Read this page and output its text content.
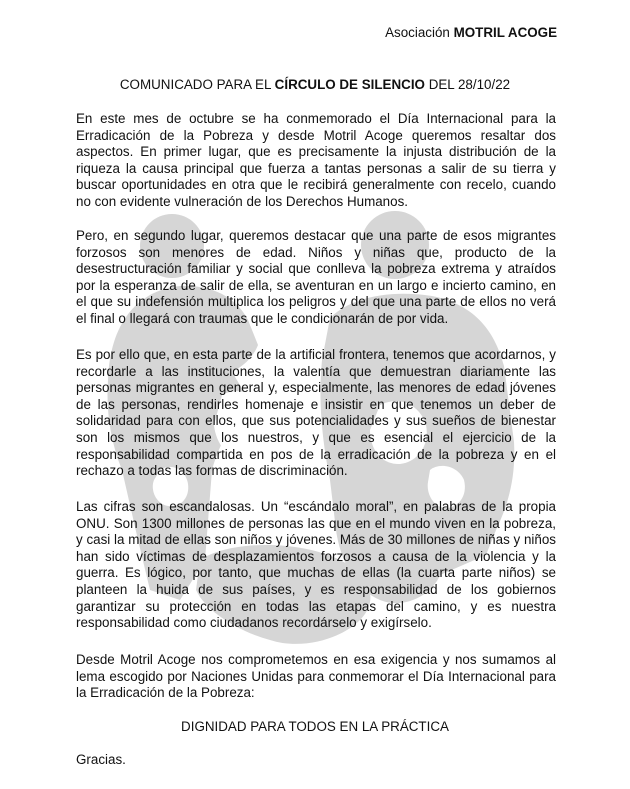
Asociación MOTRIL ACOGE
COMUNICADO PARA EL CÍRCULO DE SILENCIO DEL 28/10/22

En este mes de octubre se ha conmemorado el Día Internacional para la Erradicación de la Pobreza y desde Motril Acoge queremos resaltar dos aspectos. En primer lugar, que es precisamente la injusta distribución de la riqueza la causa principal que fuerza a tantas personas a salir de su tierra y buscar oportunidades en otra que le recibirá generalmente con recelo, cuando no con evidente vulneración de los Derechos Humanos.

Pero, en segundo lugar, queremos destacar que una parte de esos migrantes forzosos son menores de edad. Niños y niñas que, producto de la desestructuración familiar y social que conlleva la pobreza extrema y atraídos por la esperanza de salir de ella, se aventuran en un largo e incierto camino, en el que su indefensión multiplica los peligros y del que una parte de ellos no verá el final o llegará con traumas que le condicionarán de por vida.

Es por ello que, en esta parte de la artificial frontera, tenemos que acordarnos, y recordarle a las instituciones, la valentía que demuestran diariamente las personas migrantes en general y, especialmente, las menores de edad jóvenes de las personas, rendirles homenaje e insistir en que tenemos un deber de solidaridad para con ellos, que sus potencialidades y sus sueños de bienestar son los mismos que los nuestros, y que es esencial el ejercicio de la responsabilidad compartida en pos de la erradicación de la pobreza y en el rechazo a todas las formas de discriminación.

Las cifras son escandalosas. Un “escándalo moral”, en palabras de la propia ONU. Son 1300 millones de personas las que en el mundo viven en la pobreza, y casi la mitad de ellas son niños y jóvenes. Más de 30 millones de niñas y niños han sido víctimas de desplazamientos forzosos a causa de la violencia y la guerra. Es lógico, por tanto, que muchas de ellas (la cuarta parte niños) se planteen la huida de sus países, y es responsabilidad de los gobiernos garantizar su protección en todas las etapas del camino, y es nuestra responsabilidad como ciudadanos recordárselo y exigírselo.

Desde Motril Acoge nos comprometemos en esa exigencia y nos sumamos al lema escogido por Naciones Unidas para conmemorar el Día Internacional para la Erradicación de la Pobreza:

DIGNIDAD PARA TODOS EN LA PRÁCTICA
Gracias.
